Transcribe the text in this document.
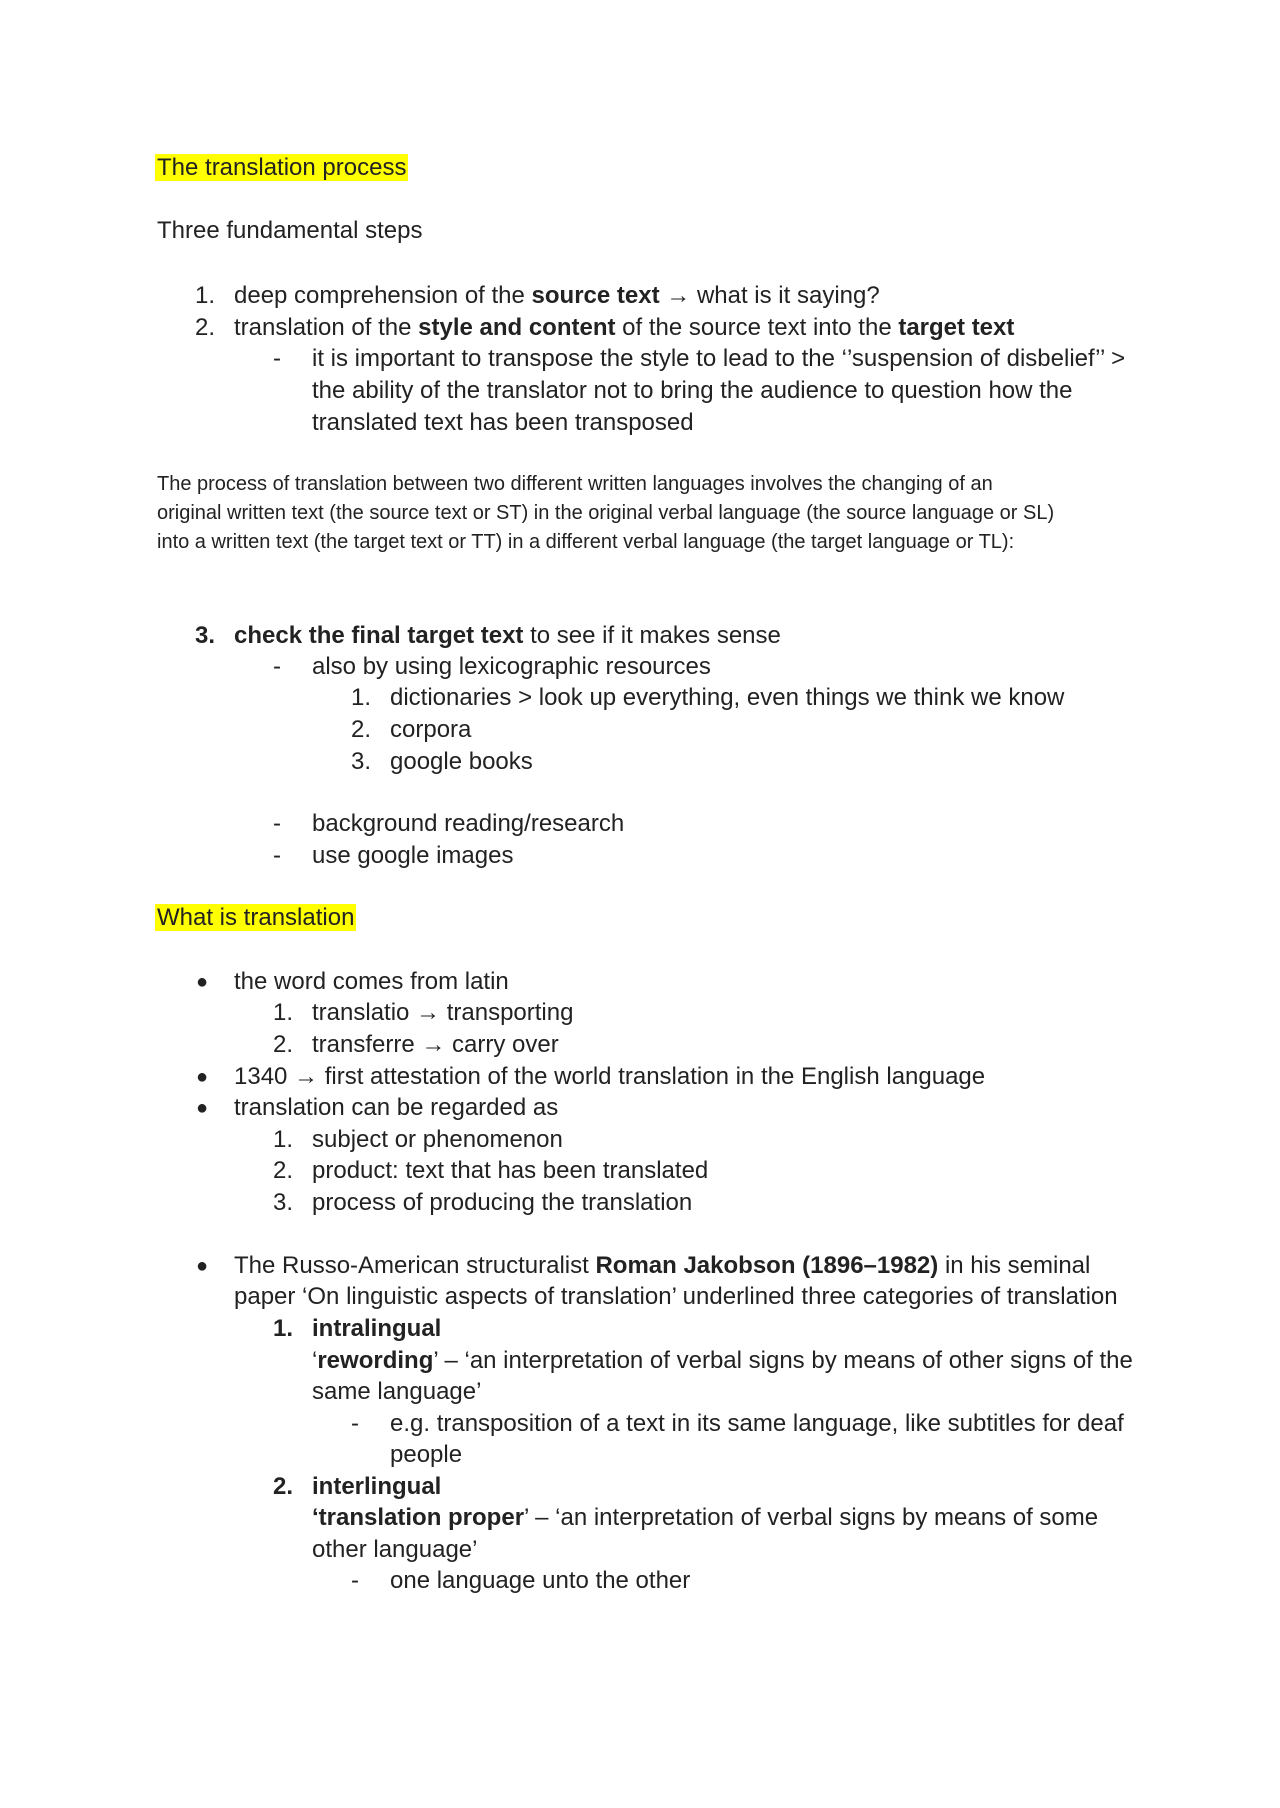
The translation process
Three fundamental steps
1. deep comprehension of the source text → what is it saying?
2. translation of the style and content of the source text into the target text
- it is important to transpose the style to lead to the ‘’suspension of disbelief’’ >
the ability of the translator not to bring the audience to question how the
translated text has been transposed
The process of translation between two different written languages involves the changing of an
original written text (the source text or ST) in the original verbal language (the source language or SL)
into a written text (the target text or TT) in a different verbal language (the target language or TL):
3. check the final target text to see if it makes sense
- also by using lexicographic resources
1. dictionaries > look up everything, even things we think we know
2. corpora
3. google books
- background reading/research
- use google images
What is translation
● the word comes from latin
1. translatio → transporting
2. transferre → carry over
● 1340 → first attestation of the world translation in the English language
● translation can be regarded as
1. subject or phenomenon
2. product: text that has been translated
3. process of producing the translation
● The Russo-American structuralist Roman Jakobson (1896–1982) in his seminal
paper ‘On linguistic aspects of translation’ underlined three categories of translation
1. intralingual
‘rewording’ – ‘an interpretation of verbal signs by means of other signs of the
same language’
- e.g. transposition of a text in its same language, like subtitles for deaf
people
2. interlingual
‘translation proper’ – ‘an interpretation of verbal signs by means of some
other language’
- one language unto the other
